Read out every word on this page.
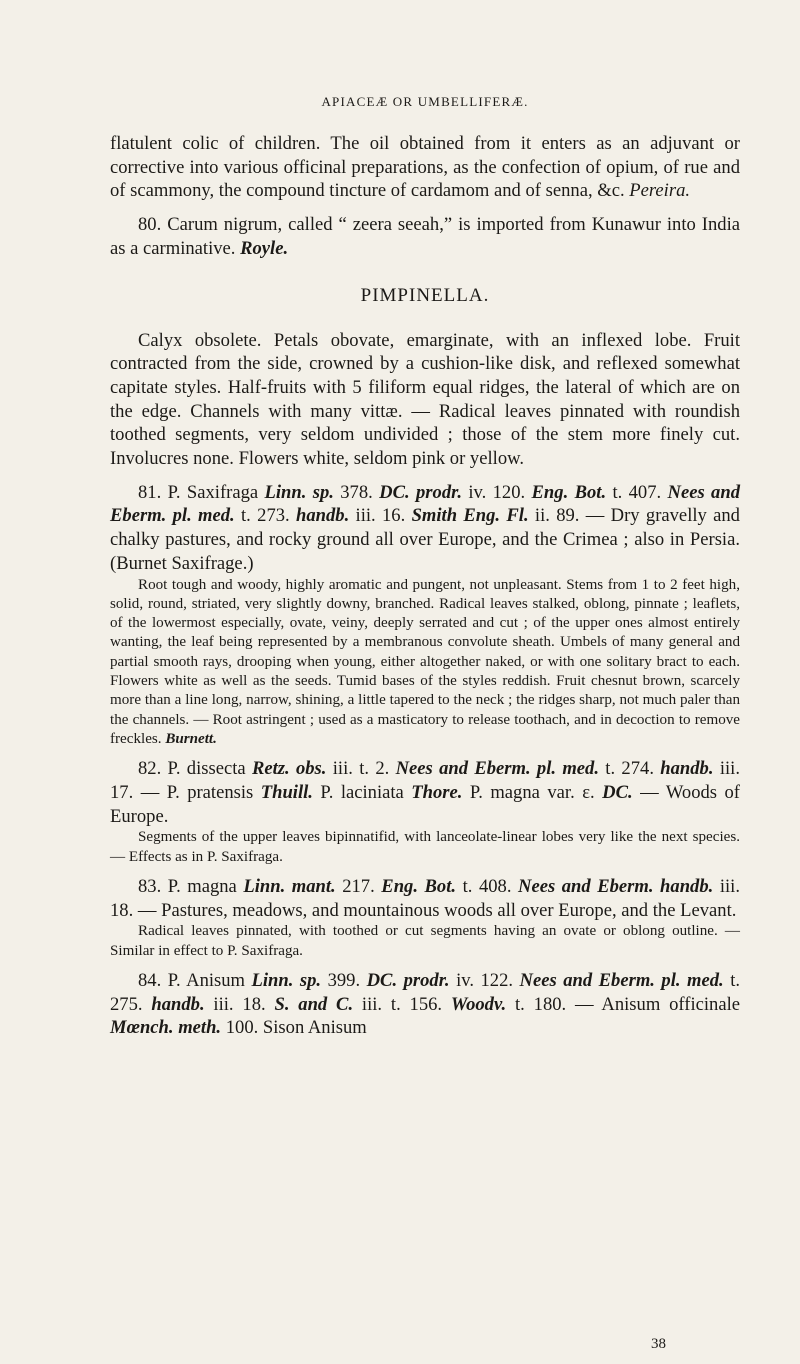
APIACEÆ OR UMBELLIFERÆ.

flatulent colic of children. The oil obtained from it enters as an adjuvant or corrective into various officinal preparations, as the confection of opium, of rue and of scammony, the compound tincture of cardamom and of senna, &c. Pereira.

80. Carum nigrum, called “ zeera seeah,” is imported from Kunawur into India as a carminative. Royle.

PIMPINELLA.

Calyx obsolete. Petals obovate, emarginate, with an inflexed lobe. Fruit contracted from the side, crowned by a cushion-like disk, and reflexed somewhat capitate styles. Half-fruits with 5 filiform equal ridges, the lateral of which are on the edge. Channels with many vittæ. — Radical leaves pinnated with roundish toothed segments, very seldom undivided ; those of the stem more finely cut. Involucres none. Flowers white, seldom pink or yellow.

81. P. Saxifraga Linn. sp. 378. DC. prodr. iv. 120. Eng. Bot. t. 407. Nees and Eberm. pl. med. t. 273. handb. iii. 16. Smith Eng. Fl. ii. 89. — Dry gravelly and chalky pastures, and rocky ground all over Europe, and the Crimea ; also in Persia. (Burnet Saxifrage.)

Root tough and woody, highly aromatic and pungent, not unpleasant. Stems from 1 to 2 feet high, solid, round, striated, very slightly downy, branched. Radical leaves stalked, oblong, pinnate ; leaflets, of the lowermost especially, ovate, veiny, deeply serrated and cut ; of the upper ones almost entirely wanting, the leaf being represented by a membranous convolute sheath. Umbels of many general and partial smooth rays, drooping when young, either altogether naked, or with one solitary bract to each. Flowers white as well as the seeds. Tumid bases of the styles reddish. Fruit chesnut brown, scarcely more than a line long, narrow, shining, a little tapered to the neck ; the ridges sharp, not much paler than the channels. — Root astringent ; used as a masticatory to release toothach, and in decoction to remove freckles. Burnett.

82. P. dissecta Retz. obs. iii. t. 2. Nees and Eberm. pl. med. t. 274. handb. iii. 17. — P. pratensis Thuill. P. laciniata Thore. P. magna var. ε. DC. — Woods of Europe.

Segments of the upper leaves bipinnatifid, with lanceolate-linear lobes very like the next species. — Effects as in P. Saxifraga.

83. P. magna Linn. mant. 217. Eng. Bot. t. 408. Nees and Eberm. handb. iii. 18. — Pastures, meadows, and mountainous woods all over Europe, and the Levant.

Radical leaves pinnated, with toothed or cut segments having an ovate or oblong outline. — Similar in effect to P. Saxifraga.

84. P. Anisum Linn. sp. 399. DC. prodr. iv. 122. Nees and Eberm. pl. med. t. 275. handb. iii. 18. S. and C. iii. t. 156. Woodv. t. 180. — Anisum officinale Mœnch. meth. 100. Sison Anisum

38
